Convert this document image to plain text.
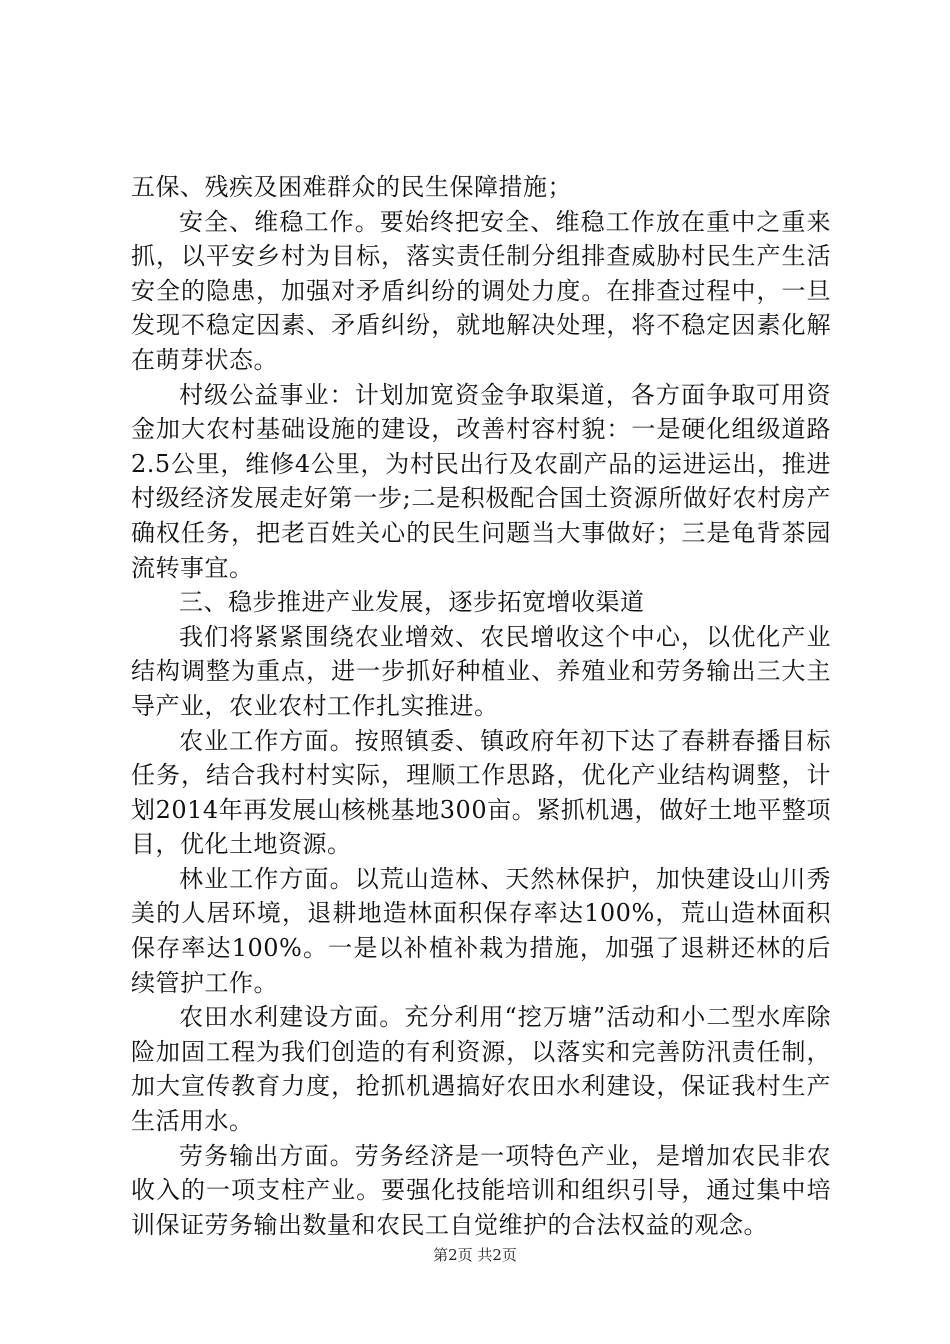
五保、残疾及困难群众的民生保障措施；

安全、维稳工作。要始终把安全、维稳工作放在重中之重来抓，以平安乡村为目标，落实责任制分组排查威胁村民生产生活安全的隐患，加强对矛盾纠纷的调处力度。在排查过程中，一旦发现不稳定因素、矛盾纠纷，就地解决处理，将不稳定因素化解在萌芽状态。

村级公益事业：计划加宽资金争取渠道，各方面争取可用资金加大农村基础设施的建设，改善村容村貌：一是硬化组级道路2.5公里，维修4公里，为村民出行及农副产品的运进运出，推进村级经济发展走好第一步;二是积极配合国土资源所做好农村房产确权任务，把老百姓关心的民生问题当大事做好；三是龟背茶园流转事宜。

三、稳步推进产业发展，逐步拓宽增收渠道

我们将紧紧围绕农业增效、农民增收这个中心，以优化产业结构调整为重点，进一步抓好种植业、养殖业和劳务输出三大主导产业，农业农村工作扎实推进。

农业工作方面。按照镇委、镇政府年初下达了春耕春播目标任务，结合我村村实际，理顺工作思路，优化产业结构调整，计划2014年再发展山核桃基地300亩。紧抓机遇，做好土地平整项目，优化土地资源。

林业工作方面。以荒山造林、天然林保护，加快建设山川秀美的人居环境，退耕地造林面积保存率达100%，荒山造林面积保存率达100%。一是以补植补栽为措施，加强了退耕还林的后续管护工作。

农田水利建设方面。充分利用“挖万塘”活动和小二型水库除险加固工程为我们创造的有利资源，以落实和完善防汛责任制，加大宣传教育力度，抢抓机遇搞好农田水利建设，保证我村生产生活用水。

劳务输出方面。劳务经济是一项特色产业，是增加农民非农收入的一项支柱产业。要强化技能培训和组织引导，通过集中培训保证劳务输出数量和农民工自觉维护的合法权益的观念。

第2页 共2页
